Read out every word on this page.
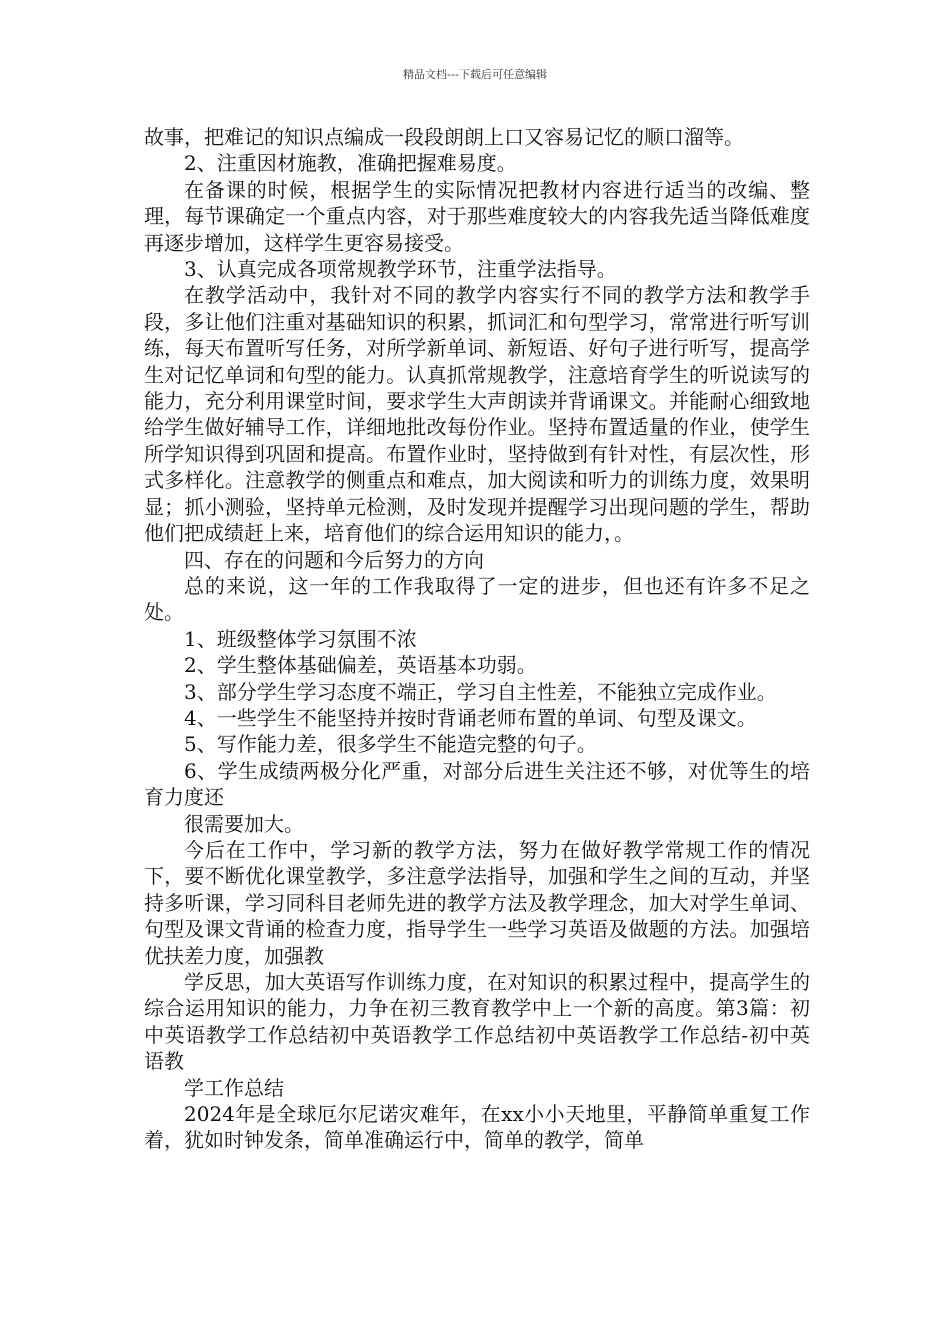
精品文档---下载后可任意编辑

故事，把难记的知识点编成一段段朗朗上口又容易记忆的顺口溜等。

2、注重因材施教，准确把握难易度。

在备课的时候，根据学生的实际情况把教材内容进行适当的改编、整理，每节课确定一个重点内容，对于那些难度较大的内容我先适当降低难度再逐步增加，这样学生更容易接受。

3、认真完成各项常规教学环节，注重学法指导。

在教学活动中，我针对不同的教学内容实行不同的教学方法和教学手段，多让他们注重对基础知识的积累，抓词汇和句型学习，常常进行听写训练，每天布置听写任务，对所学新单词、新短语、好句子进行听写，提高学生对记忆单词和句型的能力。认真抓常规教学，注意培育学生的听说读写的能力，充分利用课堂时间，要求学生大声朗读并背诵课文。并能耐心细致地给学生做好辅导工作，详细地批改每份作业。坚持布置适量的作业，使学生所学知识得到巩固和提高。布置作业时，坚持做到有针对性，有层次性，形式多样化。注意教学的侧重点和难点，加大阅读和听力的训练力度，效果明显；抓小测验，坚持单元检测，及时发现并提醒学习出现问题的学生，帮助他们把成绩赶上来，培育他们的综合运用知识的能力，。

四、存在的问题和今后努力的方向

总的来说，这一年的工作我取得了一定的进步，但也还有许多不足之处。

1、班级整体学习氛围不浓

2、学生整体基础偏差，英语基本功弱。

3、部分学生学习态度不端正，学习自主性差，不能独立完成作业。

4、一些学生不能坚持并按时背诵老师布置的单词、句型及课文。

5、写作能力差，很多学生不能造完整的句子。

6、学生成绩两极分化严重，对部分后进生关注还不够，对优等生的培育力度还

很需要加大。

今后在工作中，学习新的教学方法，努力在做好教学常规工作的情况下，要不断优化课堂教学，多注意学法指导，加强和学生之间的互动，并坚持多听课，学习同科目老师先进的教学方法及教学理念，加大对学生单词、句型及课文背诵的检查力度，指导学生一些学习英语及做题的方法。加强培优扶差力度，加强教

学反思，加大英语写作训练力度，在对知识的积累过程中，提高学生的综合运用知识的能力，力争在初三教育教学中上一个新的高度。第3篇：初中英语教学工作总结初中英语教学工作总结初中英语教学工作总结-初中英语教

学工作总结

2024年是全球厄尔尼诺灾难年，在xx小小天地里，平静简单重复工作着，犹如时钟发条，简单准确运行中，简单的教学，简单
